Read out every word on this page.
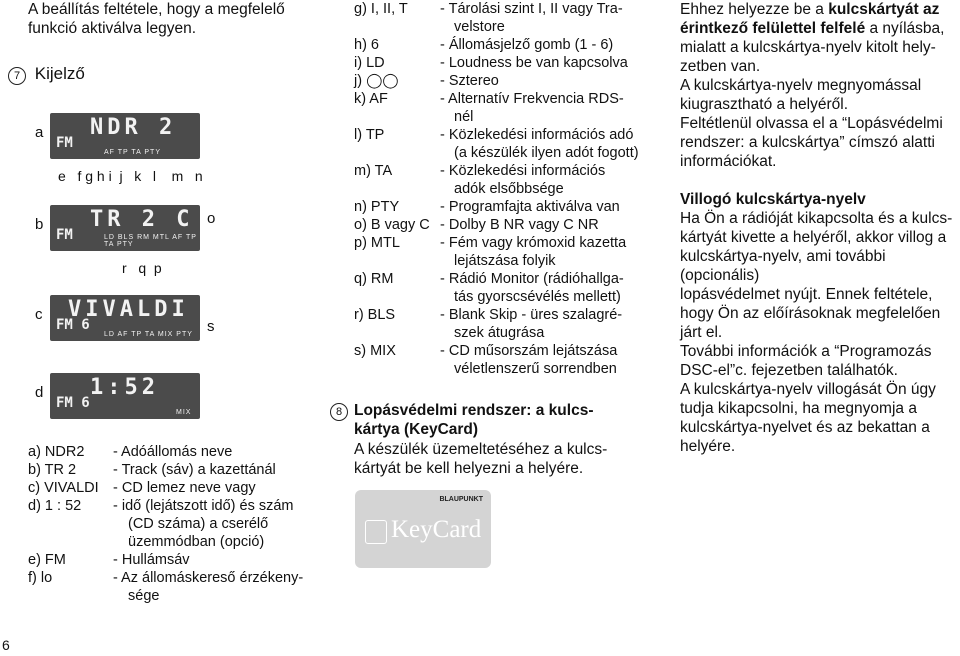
A beállítás feltétele, hogy a megfelelő funkció aktiválva legyen.
7 Kijelző
a NDR 2
FM
AF TP TA PTY
e   f g h i  j   k   l    m   n
b TR 2 C
FM	LD BLS RM MTL AF TP TA PTY
o
r   q  p
c VIVALDI
FM 6
LD AF TP TA MIX PTY s
d 1:52
FM 6
MIX
a) NDR2	- Adóállomás neve
b) TR 2	- Track (sáv) a kazettánál
c) VIVALDI - CD lemez neve vagy
d) 1 : 52	- idő (lejátszott idő) és szám
(CD száma) a cserélő
üzemmódban (opció)
e) FM	- Hullámsáv
f) lo	- Az állomáskereső érzékeny-
sége
6
g) I, II, T	- Tárolási szint I, II vagy Tra-
velstore
h) 6	- Állomásjelző gomb (1 - 6)
i) LD	- Loudness be van kapcsolva
j) ◯◯	- Sztereo
k) AF	- Alternatív Frekvencia RDS-
nél
l) TP	- Közlekedési információs adó
(a készülék ilyen adót fogott)
m) TA	- Közlekedési információs
adók elsőbbsége
n) PTY	- Programfajta aktiválva van
o) B vagy C - Dolby B NR vagy C NR
p) MTL	- Fém vagy krómoxid kazetta
lejátszása folyik
q) RM	- Rádió Monitor (rádióhallga-
tás gyorscsévélés mellett)
r) BLS	- Blank Skip - üres szalagré-
szek átugrása
s) MIX	- CD műsorszám lejátszása
véletlenszerű sorrendben
8 Lopásvédelmi rendszer: a kulcs-
kártya (KeyCard)
A készülék üzemeltetéséhez a kulcs-
kártyát be kell helyezni a helyére.
BLAUPUNKT
KeyCard
Ehhez helyezze be a kulcskártyát az
érintkező felülettel felfelé a nyílásba,
mialatt a kulcskártya-nyelv kitolt hely-
zetben van.
A kulcskártya-nyelv megnyomással
kiugrasztható a helyéről.
Feltétlenül olvassa el a “Lopásvédelmi
rendszer: a kulcskártya” címszó alatti
információkat.
Villogó kulcskártya-nyelv
Ha Ön a rádióját kikapcsolta és a kulcs-
kártyát kivette a helyéről, akkor villog a
kulcskártya-nyelv, ami további (opcionális)
lopásvédelmet nyújt. Ennek feltétele,
hogy Ön az előírásoknak megfelelően
járt el.
További információk a “Programozás
DSC-el”c. fejezetben találhatók.
A kulcskártya-nyelv villogását Ön úgy
tudja kikapcsolni, ha megnyomja a
kulcskártya-nyelvet és az bekattan a
helyére.
